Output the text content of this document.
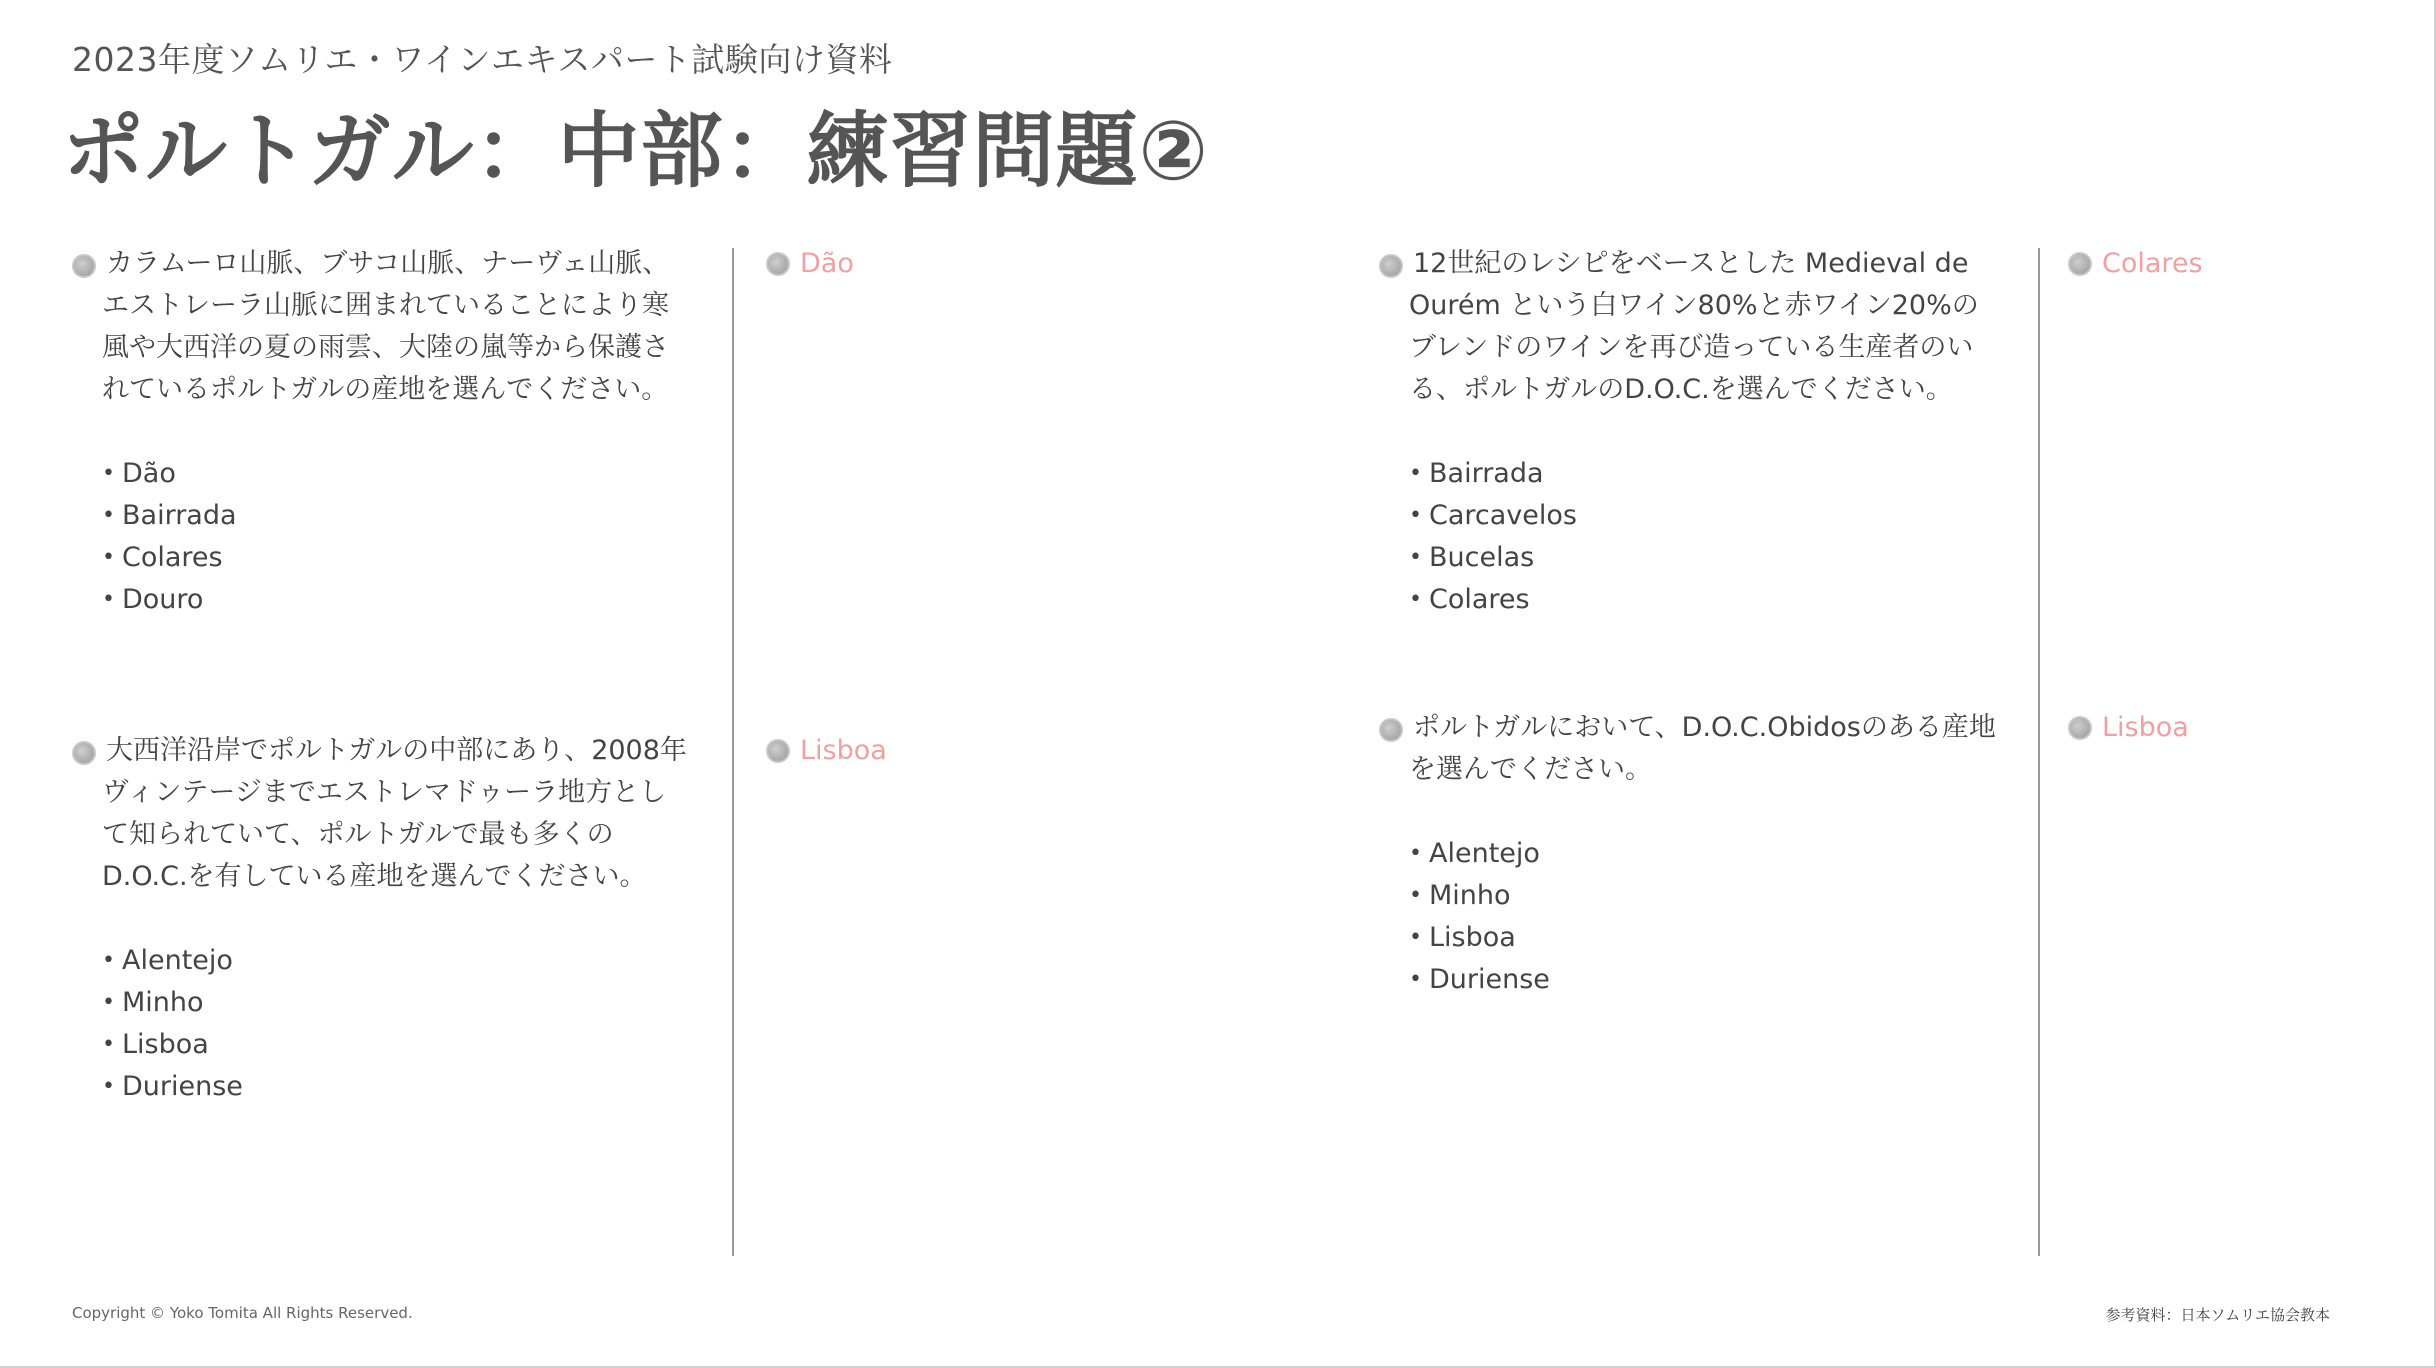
2023年度ソムリエ・ワインエキスパート試験向け資料
ポルトガル：中部：練習問題②

カラムーロ山脈、ブサコ山脈、ナーヴェ山脈、エストレーラ山脈に囲まれていることにより寒風や大西洋の夏の雨雲、大陸の嵐等から保護されているポルトガルの産地を選んでください。

• Dão
• Bairrada
• Colares
• Douro

大西洋沿岸でポルトガルの中部にあり、2008年ヴィンテージまでエストレマドゥーラ地方として知られていて、ポルトガルで最も多くのD.O.C.を有している産地を選んでください。

• Alentejo
• Minho
• Lisboa
• Duriense
Dão
Lisboa

12世紀のレシピをベースとした Medieval de Ourém という白ワイン80%と赤ワイン20%のブレンドのワインを再び造っている生産者のいる、ポルトガルのD.O.C.を選んでください。

• Bairrada
• Carcavelos
• Bucelas
• Colares

ポルトガルにおいて、D.O.C.Obidosのある産地を選んでください。

• Alentejo
• Minho
• Lisboa
• Duriense
Colares
Lisboa
Copyright © Yoko Tomita All Rights Reserved.	参考資料：日本ソムリエ協会教本
